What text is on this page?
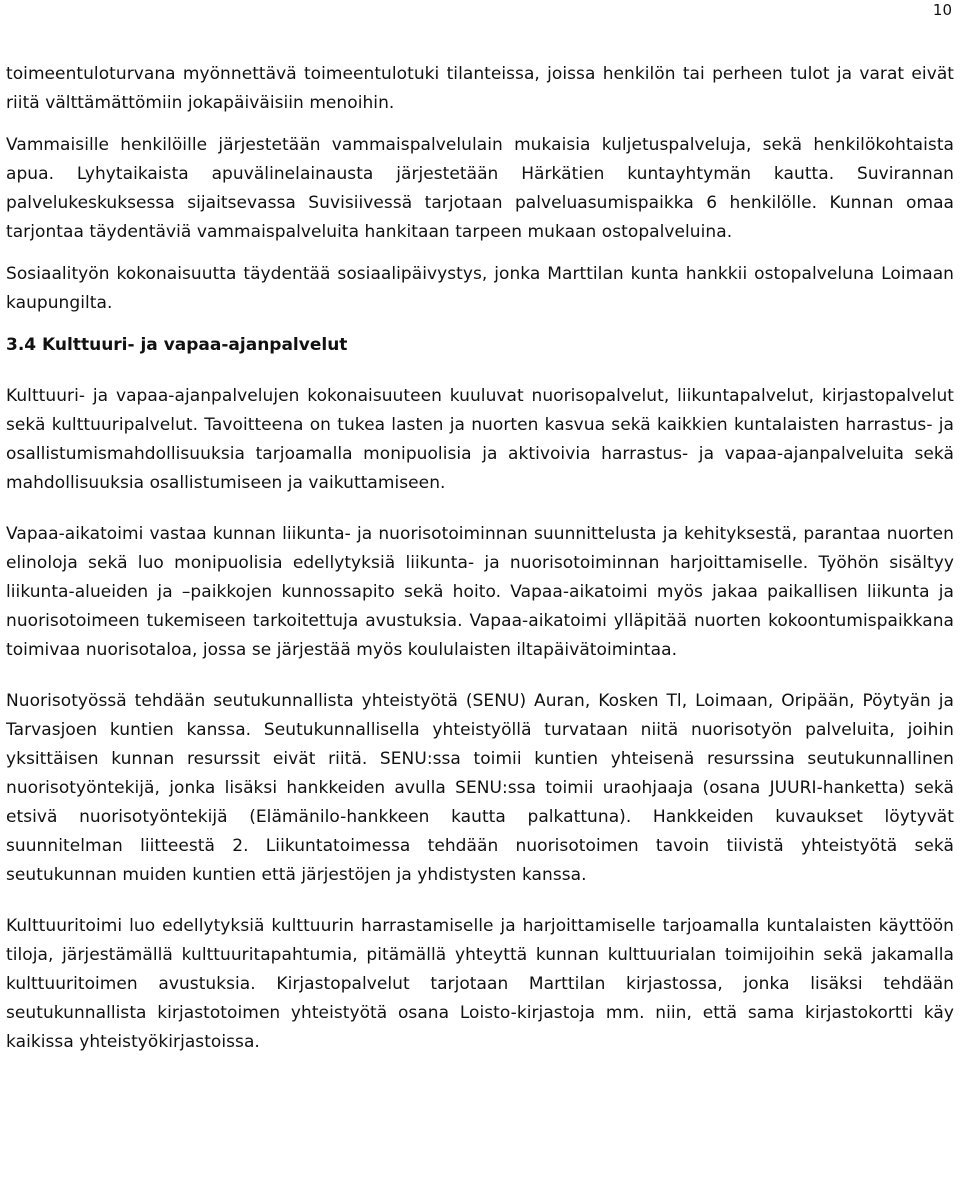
10

toimeentuloturvana myönnettävä toimeentulotuki tilanteissa, joissa henkilön tai perheen tulot ja varat eivät riitä välttämättömiin jokapäiväisiin menoihin.

Vammaisille henkilöille järjestetään vammaispalvelulain mukaisia kuljetuspalveluja, sekä henkilökohtaista apua. Lyhytaikaista apuvälinelainausta järjestetään Härkätien kuntayhtymän kautta. Suvirannan palvelukeskuksessa sijaitsevassa Suvisiivessä tarjotaan palveluasumispaikka 6 henkilölle. Kunnan omaa tarjontaa täydentäviä vammaispalveluita hankitaan tarpeen mukaan ostopalveluina.

Sosiaalityön kokonaisuutta täydentää sosiaalipäivystys, jonka Marttilan kunta hankkii ostopalveluna Loimaan kaupungilta.

3.4 Kulttuuri- ja vapaa-ajanpalvelut

Kulttuuri- ja vapaa-ajanpalvelujen kokonaisuuteen kuuluvat nuorisopalvelut, liikuntapalvelut, kirjastopalvelut sekä kulttuuripalvelut. Tavoitteena on tukea lasten ja nuorten kasvua sekä kaikkien kuntalaisten harrastus- ja osallistumismahdollisuuksia tarjoamalla monipuolisia ja aktivoivia harrastus- ja vapaa-ajanpalveluita sekä mahdollisuuksia osallistumiseen ja vaikuttamiseen.

Vapaa-aikatoimi vastaa kunnan liikunta- ja nuorisotoiminnan suunnittelusta ja kehityksestä, parantaa nuorten elinoloja sekä luo monipuolisia edellytyksiä liikunta- ja nuorisotoiminnan harjoittamiselle. Työhön sisältyy liikunta-alueiden ja –paikkojen kunnossapito sekä hoito. Vapaa-aikatoimi myös jakaa paikallisen liikunta ja nuorisotoimeen tukemiseen tarkoitettuja avustuksia. Vapaa-aikatoimi ylläpitää nuorten kokoontumispaikkana toimivaa nuorisotaloa, jossa se järjestää myös koululaisten iltapäivätoimintaa.

Nuorisotyössä tehdään seutukunnallista yhteistyötä (SENU) Auran, Kosken Tl, Loimaan, Oripään, Pöytyän ja Tarvasjoen kuntien kanssa. Seutukunnallisella yhteistyöllä turvataan niitä nuorisotyön palveluita, joihin yksittäisen kunnan resurssit eivät riitä. SENU:ssa toimii kuntien yhteisenä resurssina seutukunnallinen nuorisotyöntekijä, jonka lisäksi hankkeiden avulla SENU:ssa toimii uraohjaaja (osana JUURI-hanketta) sekä etsivä nuorisotyöntekijä (Elämänilo-hankkeen kautta palkattuna). Hankkeiden kuvaukset löytyvät suunnitelman liitteestä 2. Liikuntatoimessa tehdään nuorisotoimen tavoin tiivistä yhteistyötä sekä seutukunnan muiden kuntien että järjestöjen ja yhdistysten kanssa.

Kulttuuritoimi luo edellytyksiä kulttuurin harrastamiselle ja harjoittamiselle tarjoamalla kuntalaisten käyttöön tiloja, järjestämällä kulttuuritapahtumia, pitämällä yhteyttä kunnan kulttuurialan toimijoihin sekä jakamalla kulttuuritoimen avustuksia. Kirjastopalvelut tarjotaan Marttilan kirjastossa, jonka lisäksi tehdään seutukunnallista kirjastotoimen yhteistyötä osana Loisto-kirjastoja mm. niin, että sama kirjastokortti käy kaikissa yhteistyökirjastoissa.
